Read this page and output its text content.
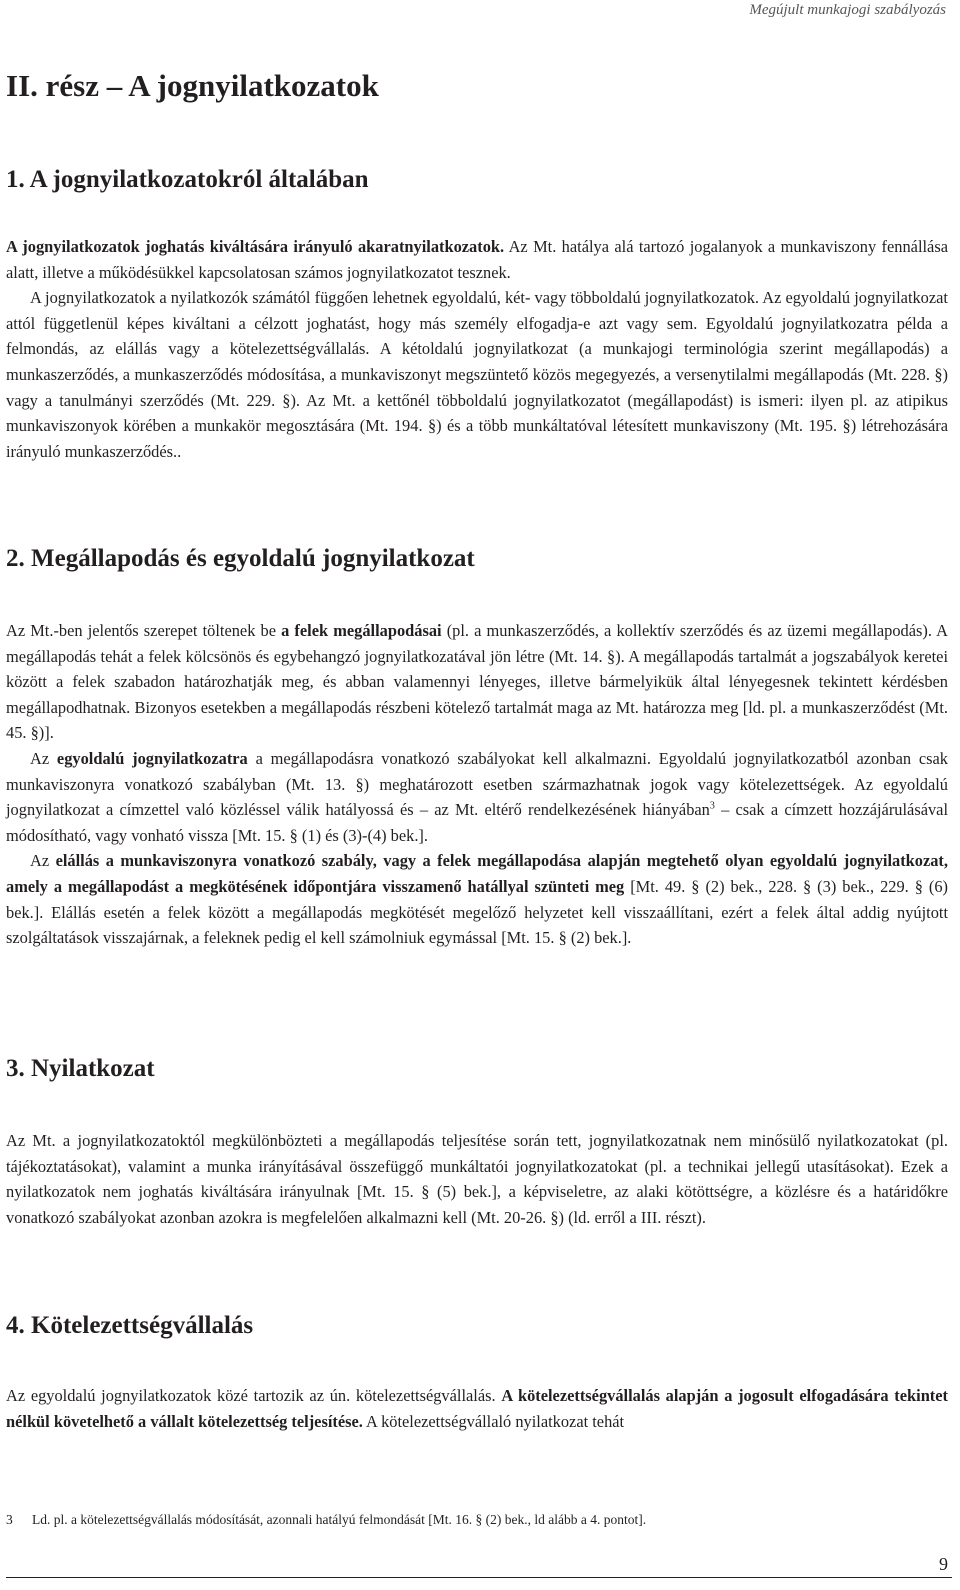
Megújult munkajogi szabályozás
II. rész – A jognyilatkozatok
1. A jognyilatkozatokról általában

A jognyilatkozatok joghatás kiváltására irányuló akaratnyilatkozatok. Az Mt. hatálya alá tartozó jogalanyok a munkaviszony fennállása alatt, illetve a működésükkel kapcsolatosan számos jognyilatkozatot tesznek.

A jognyilatkozatok a nyilatkozók számától függően lehetnek egyoldalú, két- vagy többoldalú jognyilatkozatok. Az egyoldalú jognyilatkozat attól függetlenül képes kiváltani a célzott joghatást, hogy más személy elfogadja-e azt vagy sem. Egyoldalú jognyilatkozatra példa a felmondás, az elállás vagy a kötelezettségvállalás. A kétoldalú jognyilatkozat (a munkajogi terminológia szerint megállapodás) a munkaszerződés, a munkaszerződés módosítása, a munkaviszonyt megszüntető közös megegyezés, a versenytilalmi megállapodás (Mt. 228. §) vagy a tanulmányi szerződés (Mt. 229. §). Az Mt. a kettőnél többoldalú jognyilatkozatot (megállapodást) is ismeri: ilyen pl. az atipikus munkaviszonyok körében a munkakör megosztására (Mt. 194. §) és a több munkáltatóval létesített munkaviszony (Mt. 195. §) létrehozására irányuló munkaszerződés..

2. Megállapodás és egyoldalú jognyilatkozat

Az Mt.-ben jelentős szerepet töltenek be a felek megállapodásai (pl. a munkaszerződés, a kollektív szerződés és az üzemi megállapodás). A megállapodás tehát a felek kölcsönös és egybehangzó jognyilatkozatával jön létre (Mt. 14. §). A megállapodás tartalmát a jogszabályok keretei között a felek szabadon határozhatják meg, és abban valamennyi lényeges, illetve bármelyikük által lényegesnek tekintett kérdésben megállapodhatnak. Bizonyos esetekben a megállapodás részbeni kötelező tartalmát maga az Mt. határozza meg [ld. pl. a munkaszerződést (Mt. 45. §)].

Az egyoldalú jognyilatkozatra a megállapodásra vonatkozó szabályokat kell alkalmazni. Egyoldalú jognyilatkozatból azonban csak munkaviszonyra vonatkozó szabályban (Mt. 13. §) meghatározott esetben származhatnak jogok vagy kötelezettségek. Az egyoldalú jognyilatkozat a címzettel való közléssel válik hatályossá és – az Mt. eltérő rendelkezésének hiányában$^3$ – csak a címzett hozzájárulásával módosítható, vagy vonható vissza [Mt. 15. § (1) és (3)-(4) bek.].

Az elállás a munkaviszonyra vonatkozó szabály, vagy a felek megállapodása alapján megtehető olyan egyoldalú jognyilatkozat, amely a megállapodást a megkötésének időpontjára visszamenő hatállyal szünteti meg [Mt. 49. § (2) bek., 228. § (3) bek., 229. § (6) bek.]. Elállás esetén a felek között a megállapodás megkötését megelőző helyzetet kell visszaállítani, ezért a felek által addig nyújtott szolgáltatások visszajárnak, a feleknek pedig el kell számolniuk egymással [Mt. 15. § (2) bek.].

3. Nyilatkozat

Az Mt. a jognyilatkozatoktól megkülönbözteti a megállapodás teljesítése során tett, jognyilatkozatnak nem minősülő nyilatkozatokat (pl. tájékoztatásokat), valamint a munka irányításával összefüggő munkáltatói jognyilatkozatokat (pl. a technikai jellegű utasításokat). Ezek a nyilatkozatok nem joghatás kiváltására irányulnak [Mt. 15. § (5) bek.], a képviseletre, az alaki kötöttségre, a közlésre és a határidőkre vonatkozó szabályokat azonban azokra is megfelelően alkalmazni kell (Mt. 20-26. §) (ld. erről a III. részt).

4. Kötelezettségvállalás

Az egyoldalú jognyilatkozatok közé tartozik az ún. kötelezettségvállalás. A kötelezettségvállalás alapján a jogosult elfogadására tekintet nélkül követelhető a vállalt kötelezettség teljesítése. A kötelezettségvállaló nyilatkozat tehát

3 Ld. pl. a kötelezettségvállalás módosítását, azonnali hatályú felmondását [Mt. 16. § (2) bek., ld alább a 4. pontot].
9
